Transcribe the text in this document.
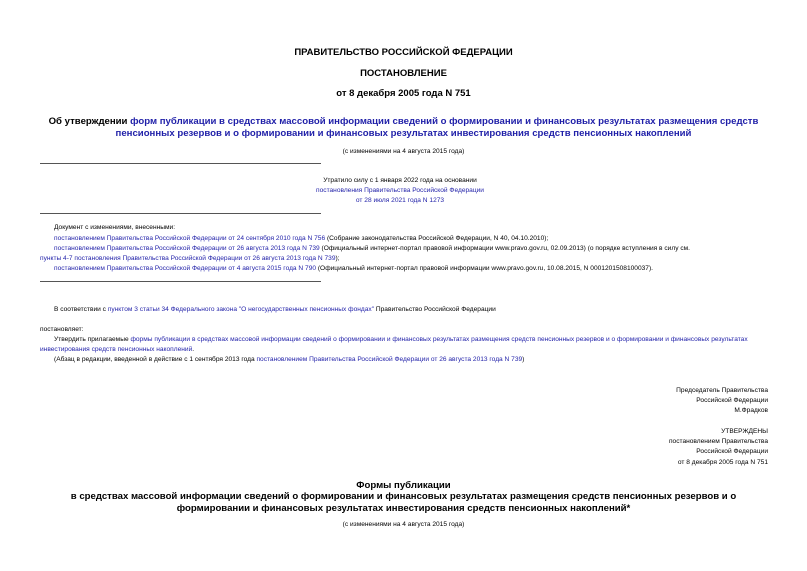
ПРАВИТЕЛЬСТВО РОССИЙСКОЙ ФЕДЕРАЦИИ
ПОСТАНОВЛЕНИЕ
от 8 декабря 2005 года N 751
Об утверждении форм публикации в средствах массовой информации сведений о формировании и финансовых результатах размещения средств пенсионных резервов и о формировании и финансовых результатах инвестирования средств пенсионных накоплений
(с изменениями на 4 августа 2015 года)
Утратило силу с 1 января 2022 года на основании
постановления Правительства Российской Федерации
от 28 июля 2021 года N 1273
Документ с изменениями, внесенными:
постановлением Правительства Российской Федерации от 24 сентября 2010 года N 756 (Собрание законодательства Российской Федерации, N 40, 04.10.2010);
постановлением Правительства Российской Федерации от 26 августа 2013 года N 739 (Официальный интернет-портал правовой информации www.pravo.gov.ru, 02.09.2013) (о порядке вступления в силу см.
пункты 4-7 постановления Правительства Российской Федерации от 26 августа 2013 года N 739);
постановлением Правительства Российской Федерации от 4 августа 2015 года N 790 (Официальный интернет-портал правовой информации www.pravo.gov.ru, 10.08.2015, N 0001201508100037).
В соответствии с пунктом 3 статьи 34 Федерального закона "О негосударственных пенсионных фондах" Правительство Российской Федерации
постановляет:
Утвердить прилагаемые формы публикации в средствах массовой информации сведений о формировании и финансовых результатах размещения средств пенсионных резервов и о формировании и финансовых результатах инвестирования средств пенсионных накоплений.
(Абзац в редакции, введенной в действие с 1 сентября 2013 года постановлением Правительства Российской Федерации от 26 августа 2013 года N 739)
Председатель Правительства
Российской Федерации
М.Фрадков
УТВЕРЖДЕНЫ
постановлением Правительства
Российской Федерации
от 8 декабря 2005 года N 751
Формы публикации
в средствах массовой информации сведений о формировании и финансовых результатах размещения средств пенсионных резервов и о формировании и финансовых результатах инвестирования средств пенсионных накоплений*
(с изменениями на 4 августа 2015 года)
